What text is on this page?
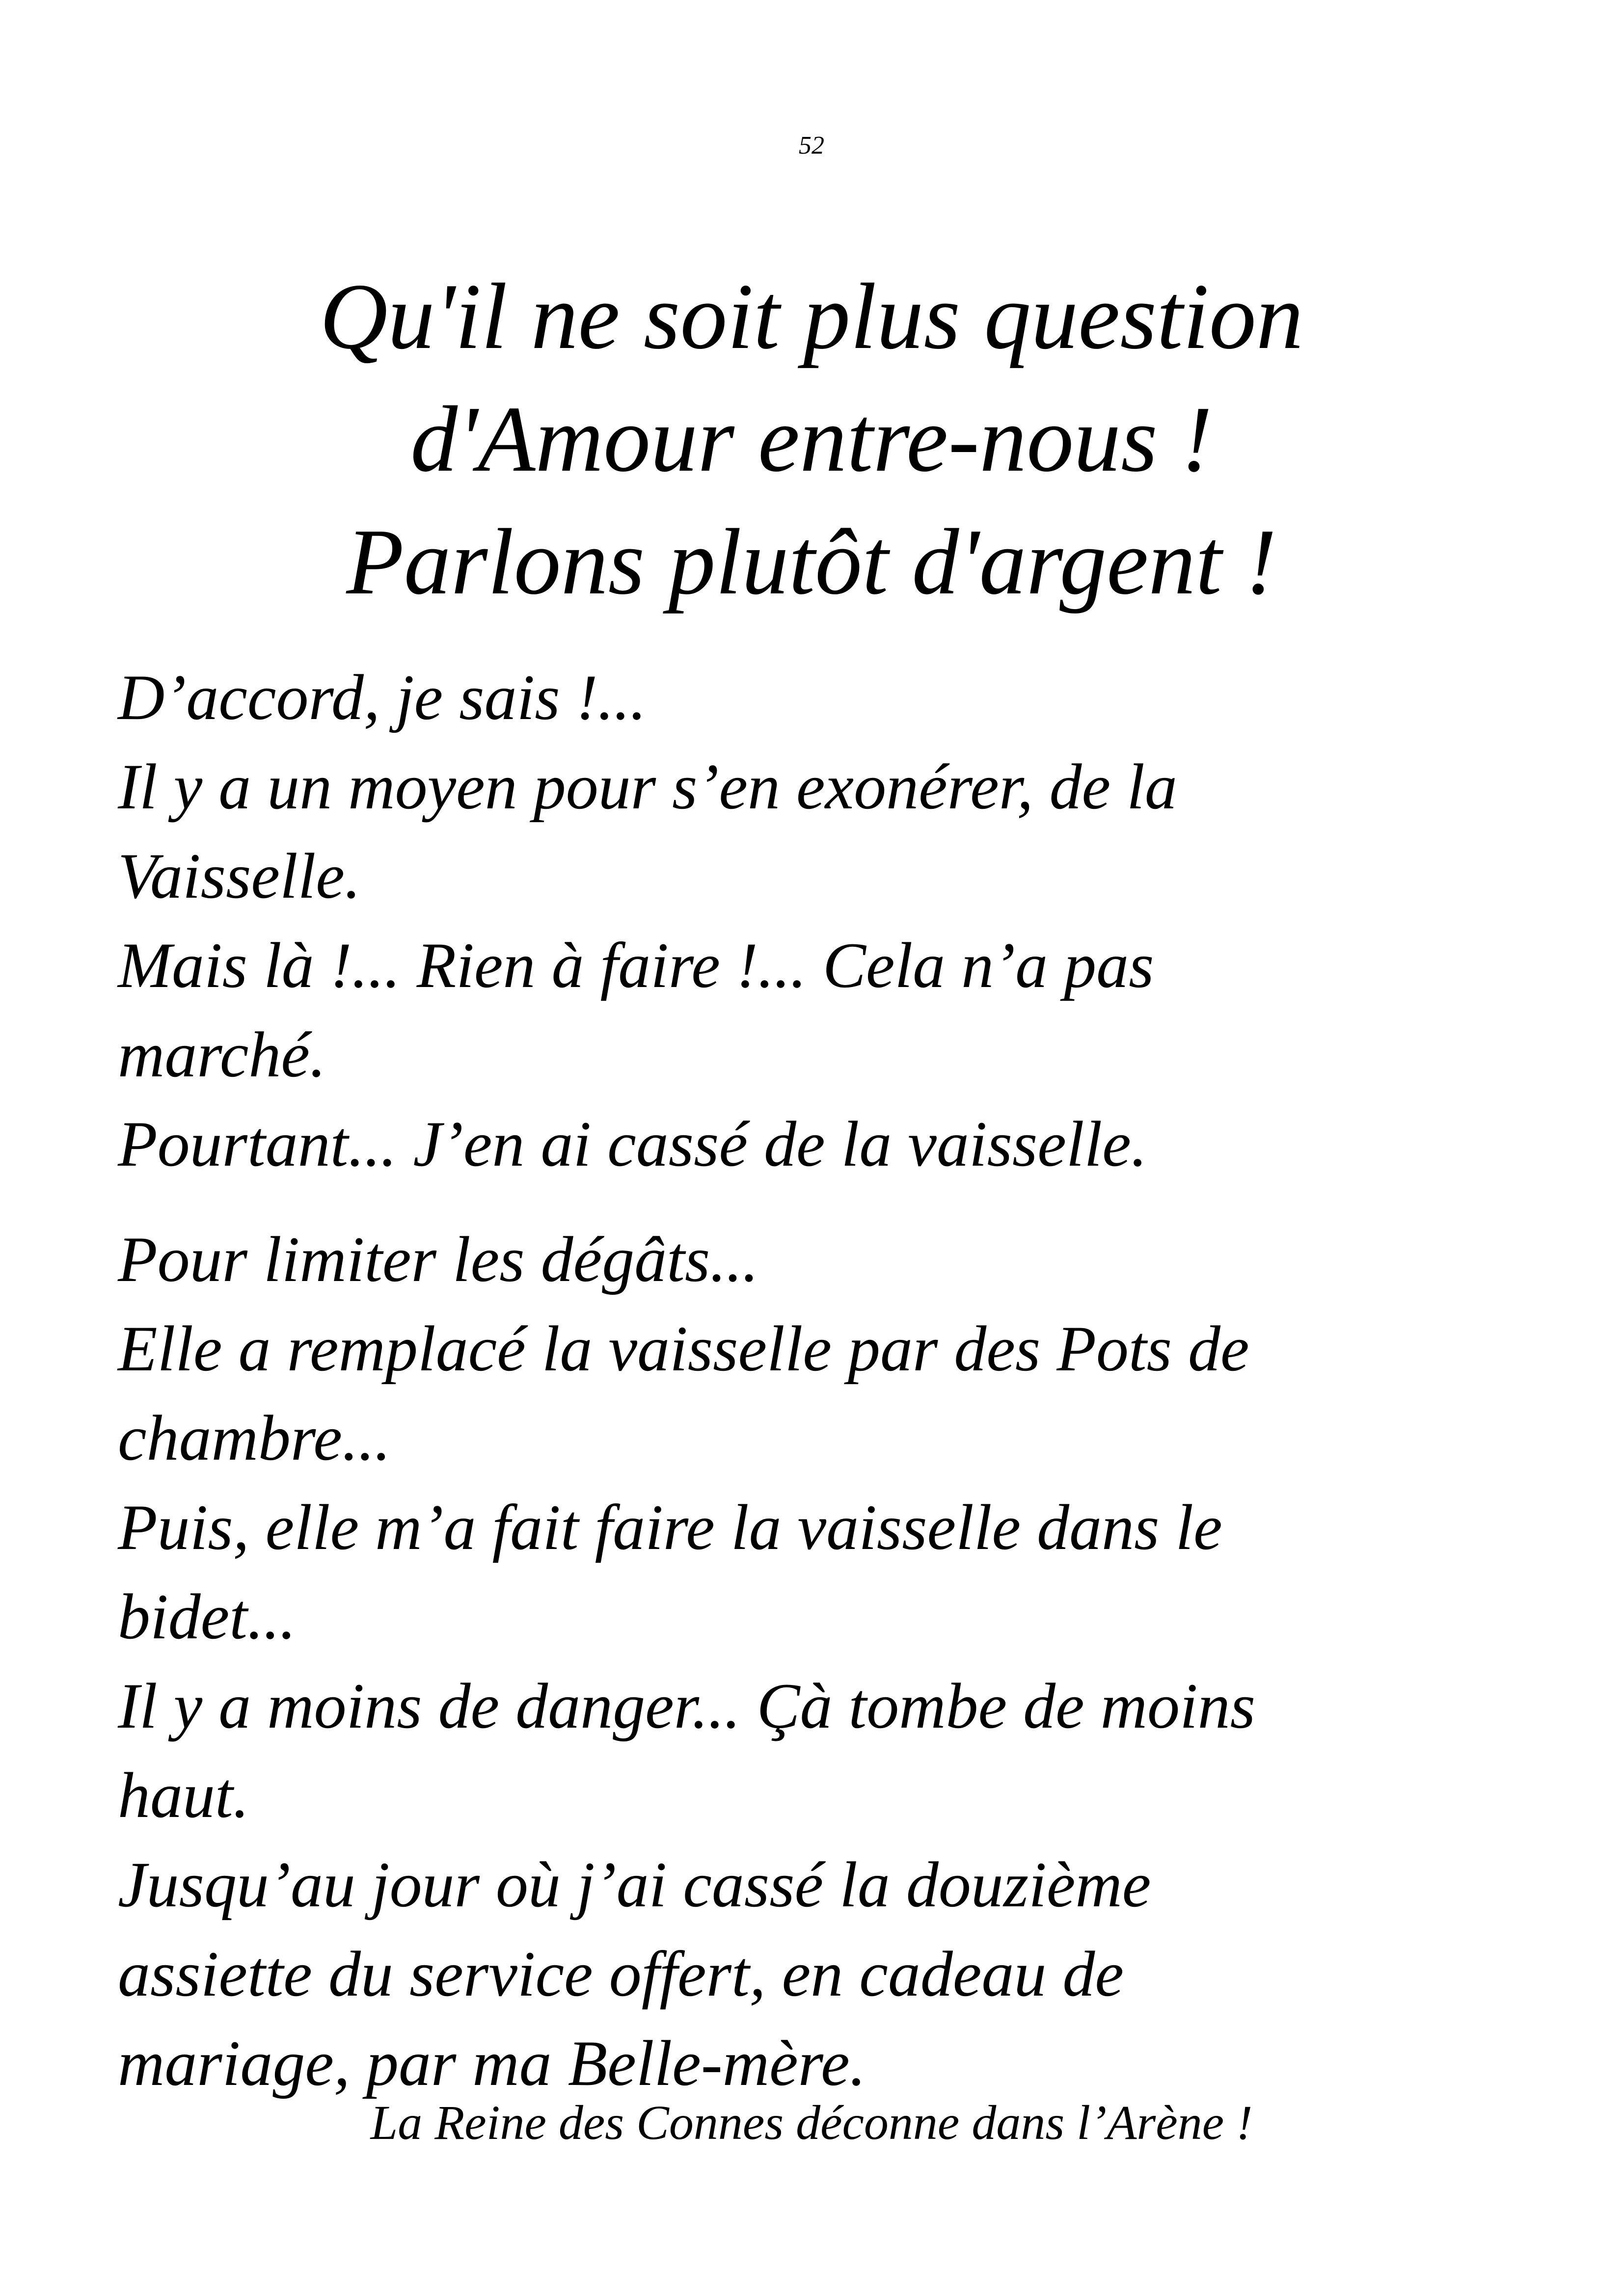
52
Qu'il ne soit plus question
d'Amour entre-nous !
Parlons plutôt d'argent !
D’accord, je sais !...
Il y a un moyen pour s’en exonérer, de la
Vaisselle.
Mais là !... Rien à faire !... Cela n’a pas
marché.
Pourtant... J’en ai cassé de la vaisselle.
Pour limiter les dégâts...
Elle a remplacé la vaisselle par des Pots de
chambre...
Puis, elle m’a fait faire la vaisselle dans le
bidet...
Il y a moins de danger... Çà tombe de moins
haut.
Jusqu’au jour où j’ai cassé la douzième
assiette du service offert, en cadeau de
mariage, par ma Belle-mère.
La Reine des Connes déconne dans l’Arène !
